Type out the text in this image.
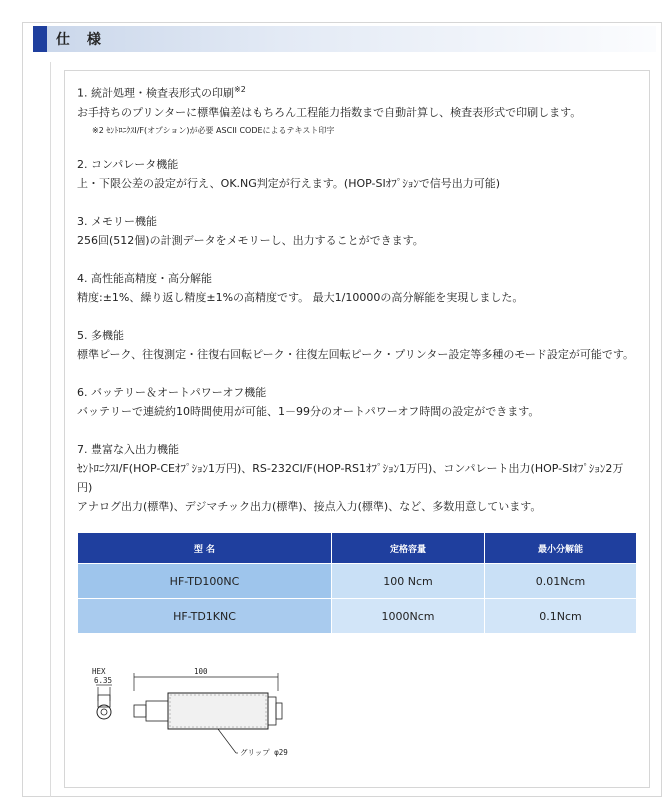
仕 様
1. 統計処理・検査表形式の印刷$^{※2}$
お手持ちのプリンターに標準偏差はもちろん工程能力指数まで自動計算し、検査表形式で印刷します。
※2 ｾﾝﾄﾛﾆｸｽI/F(オプション)が必要 ASCII CODEによるテキスト印字
2. コンパレータ機能
上・下限公差の設定が行え、OK.NG判定が行えます。(HOP-SIｵﾌﾟｼｮﾝで信号出力可能)
3. メモリー機能
256回(512個)の計測データをメモリーし、出力することができます。
4. 高性能高精度・高分解能
精度:±1%、繰り返し精度±1%の高精度です。 最大1/10000の高分解能を実現しました。
5. 多機能
標準ピーク、往復測定・往復右回転ピーク・往復左回転ピーク・プリンター設定等多種のモード設定が可能です。
6. バッテリー＆オートパワーオフ機能
バッテリーで連続約10時間使用が可能、1－99分のオートパワーオフ時間の設定ができます。
7. 豊富な入出力機能
ｾﾝﾄﾛﾆｸｽI/F(HOP-CEｵﾌﾟｼｮﾝ1万円)、RS-232CI/F(HOP-RS1ｵﾌﾟｼｮﾝ1万円)、コンパレート出力(HOP-SIｵﾌﾟｼｮﾝ2万円)
アナログ出力(標準)、デジマチック出力(標準)、接点入力(標準)、など、多数用意しています。
型 名	定格容量	最小分解能
HF-TD100NC	100 Ncm	0.01Ncm
HF-TD1KNC	1000Ncm	0.1Ncm
HEX
6.35
100
グリップ φ29
